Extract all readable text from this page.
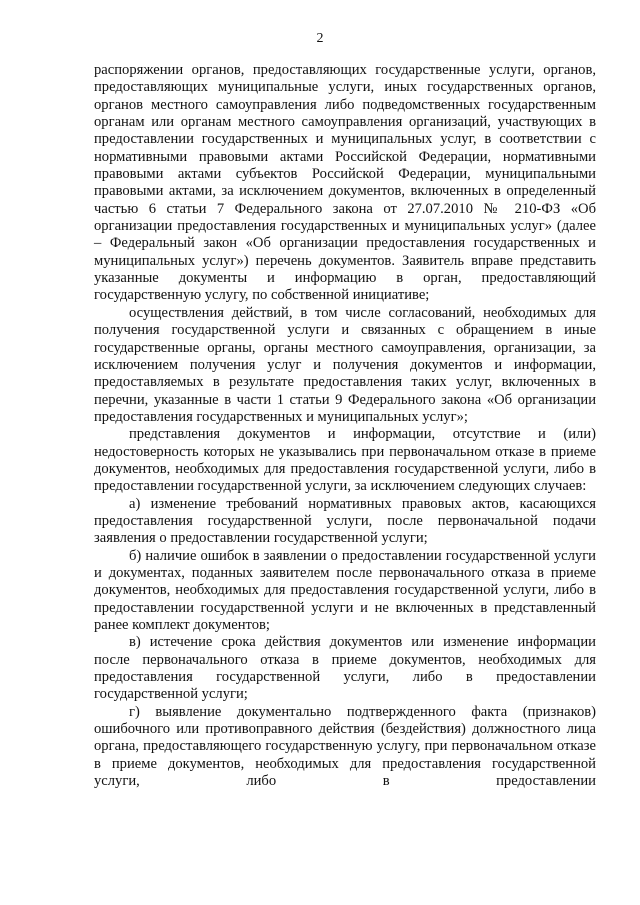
2

распоряжении органов, предоставляющих государственные услуги, органов, предоставляющих муниципальные услуги, иных государственных органов, органов местного самоуправления либо подведомственных государственным органам или органам местного самоуправления организаций, участвующих в предоставлении государственных и муниципальных услуг, в соответствии с нормативными правовыми актами Российской Федерации, нормативными правовыми актами субъектов Российской Федерации, муниципальными правовыми актами, за исключением документов, включенных в определенный частью 6 статьи 7 Федерального закона от 27.07.2010 № 210-ФЗ «Об организации предоставления государственных и муниципальных услуг» (далее – Федеральный закон «Об организации предоставления государственных и муниципальных услуг») перечень документов. Заявитель вправе представить указанные документы и информацию в орган, предоставляющий государственную услугу, по собственной инициативе;

осуществления действий, в том числе согласований, необходимых для получения государственной услуги и связанных с обращением в иные государственные органы, органы местного самоуправления, организации, за исключением получения услуг и получения документов и информации, предоставляемых в результате предоставления таких услуг, включенных в перечни, указанные в части 1 статьи 9 Федерального закона «Об организации предоставления государственных и муниципальных услуг»;

представления документов и информации, отсутствие и (или) недостоверность которых не указывались при первоначальном отказе в приеме документов, необходимых для предоставления государственной услуги, либо в предоставлении государственной услуги, за исключением следующих случаев:

а) изменение требований нормативных правовых актов, касающихся предоставления государственной услуги, после первоначальной подачи заявления о предоставлении государственной услуги;

б) наличие ошибок в заявлении о предоставлении государственной услуги и документах, поданных заявителем после первоначального отказа в приеме документов, необходимых для предоставления государственной услуги, либо в предоставлении государственной услуги и не включенных в представленный ранее комплект документов;

в) истечение срока действия документов или изменение информации после первоначального отказа в приеме документов, необходимых для предоставления государственной услуги, либо в предоставлении государственной услуги;

г) выявление документально подтвержденного факта (признаков) ошибочного или противоправного действия (бездействия) должностного лица органа, предоставляющего государственную услугу, при первоначальном отказе в приеме документов, необходимых для предоставления государственной услуги, либо в предоставлении
